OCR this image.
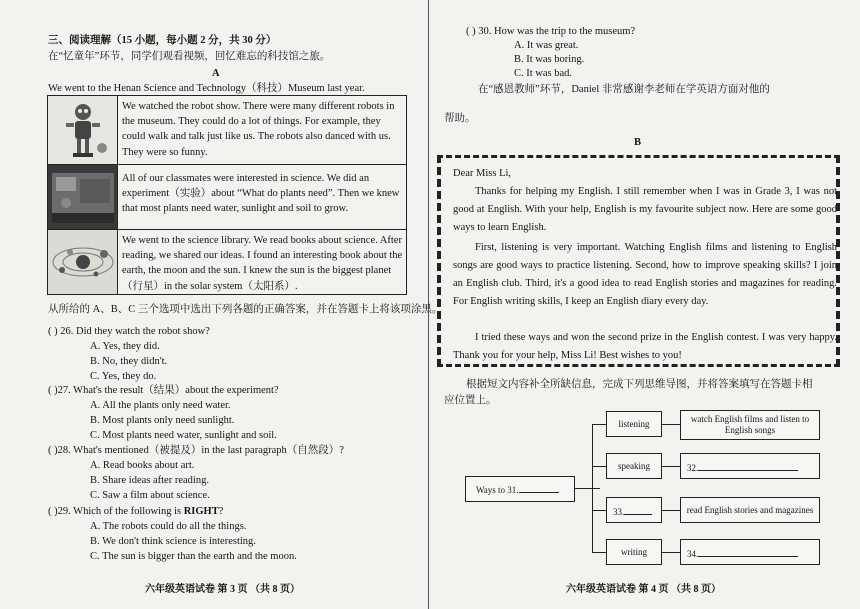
三、阅读理解（15 小题，每小题 2 分，共 30 分）
在“忆童年”环节，同学们观看视频，回忆难忘的科技馆之旅。
A
We went to the Henan Science and Technology（科技）Museum last year.
We watched the robot show. There were many different robots in the museum. They could do a lot of things. For example, they could walk and talk just like us. The robots also danced with us. They were so funny.
All of our classmates were interested in science. We did an experiment（实验）about “What do plants need”. Then we knew that most plants need water, sunlight and soil to grow.
We went to the science library. We read books about science. After reading, we shared our ideas. I found an interesting book about the earth, the moon and the sun. I knew the sun is the biggest planet（行星）in the solar system（太阳系）.
从所给的 A、B、C 三个选项中选出下列各题的正确答案，并在答题卡上将该项涂黑。
( ) 26. Did they watch the robot show?
A. Yes, they did.
B. No, they didn't.
C. Yes, they do.
( )27. What's the result（结果）about the experiment?
A. All the plants only need water.
B. Most plants only need sunlight.
C. Most plants need water, sunlight and soil.
( )28. What's mentioned（被提及）in the last paragraph（自然段）?
A. Read books about art.
B. Share ideas after reading.
C. Saw a film about science.
( )29. Which of the following is RIGHT?
A. The robots could do all the things.
B. We don't think science is interesting.
C. The sun is bigger than the earth and the moon.
六年级英语试卷 第 3 页 （共 8 页）
( ) 30. How was the trip to the museum?
A. It was great.
B. It was boring.
C. It was bad.
在“感恩教师”环节，Daniel 非常感谢李老师在学英语方面对他的
帮助。
B
Dear Miss Li,
Thanks for helping my English. I still remember when I was in Grade 3, I was not good at English. With your help, English is my favourite subject now. Here are some good ways to learn English.
First, listening is very important. Watching English films and listening to English songs are good ways to practice listening. Second, how to improve speaking skills? I join an English club. Third, it's a good idea to read English stories and magazines for reading. For English writing skills, I keep an English diary every day.
I tried these ways and won the second prize in the English contest. I was very happy. Thank you for your help, Miss Li! Best wishes to you!
根据短文内容补全所缺信息，完成下列思维导图，并将答案填写在答题卡相
应位置上。
Ways to 31.
listening
speaking
33.
writing
watch English films and listen to English songs
32.
read English stories and magazines
34.
六年级英语试卷 第 4 页 （共 8 页）
